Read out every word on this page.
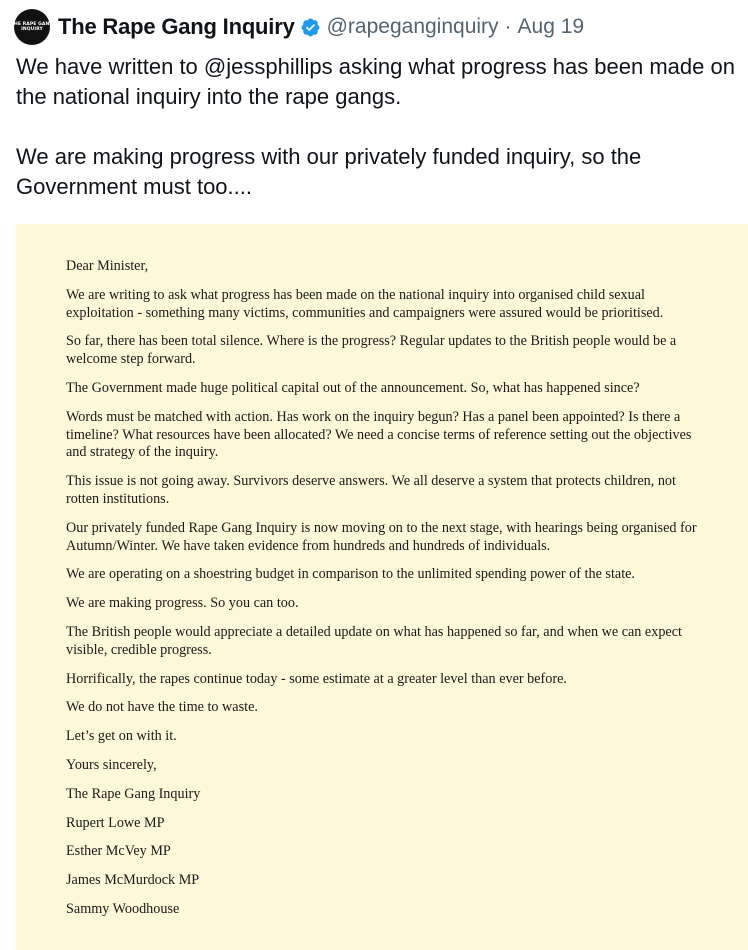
THE RAPE GANG
INQUIRY The Rape Gang Inquiry @rapeganginquiry · Aug 19

We have written to @jessphillips asking what progress has been made on the national inquiry into the rape gangs.

We are making progress with our privately funded inquiry, so the Government must too....

Dear Minister,

We are writing to ask what progress has been made on the national inquiry into organised child sexual exploitation - something many victims, communities and campaigners were assured would be prioritised.

So far, there has been total silence. Where is the progress? Regular updates to the British people would be a welcome step forward.

The Government made huge political capital out of the announcement. So, what has happened since?

Words must be matched with action. Has work on the inquiry begun? Has a panel been appointed? Is there a timeline? What resources have been allocated? We need a concise terms of reference setting out the objectives and strategy of the inquiry.

This issue is not going away. Survivors deserve answers. We all deserve a system that protects children, not rotten institutions.

Our privately funded Rape Gang Inquiry is now moving on to the next stage, with hearings being organised for Autumn/Winter. We have taken evidence from hundreds and hundreds of individuals.

We are operating on a shoestring budget in comparison to the unlimited spending power of the state.

We are making progress. So you can too.

The British people would appreciate a detailed update on what has happened so far, and when we can expect visible, credible progress.

Horrifically, the rapes continue today - some estimate at a greater level than ever before.

We do not have the time to waste.

Let’s get on with it.

Yours sincerely,

The Rape Gang Inquiry

Rupert Lowe MP

Esther McVey MP

James McMurdock MP

Sammy Woodhouse
